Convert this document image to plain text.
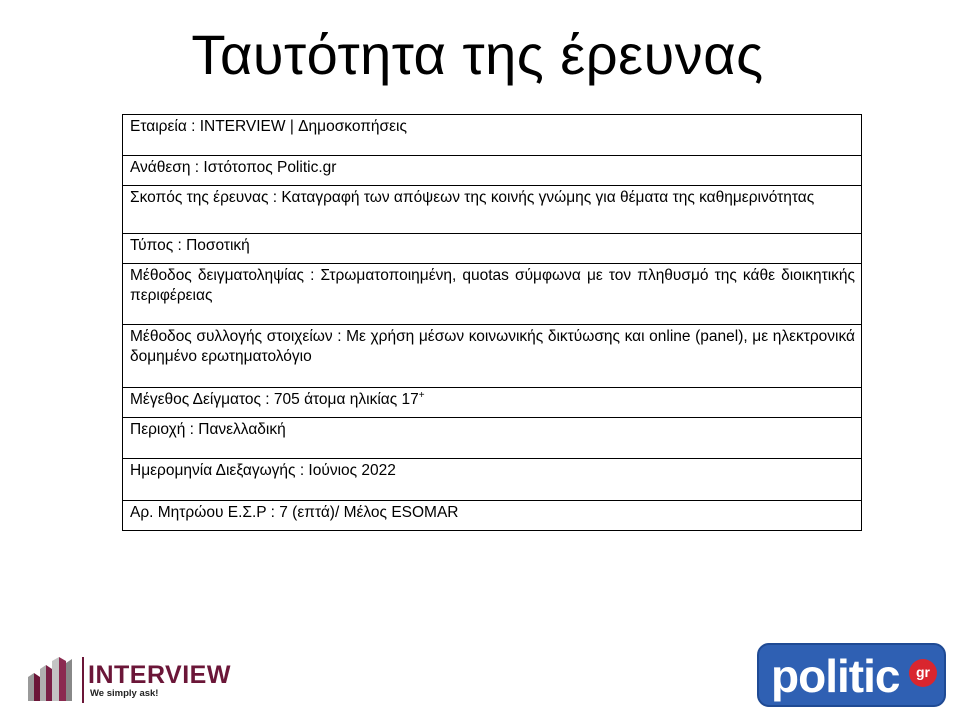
Ταυτότητα της έρευνας
Εταιρεία : INTERVIEW | Δημοσκοπήσεις
Ανάθεση : Ιστότοπος Politic.gr
Σκοπός της έρευνας : Καταγραφή των απόψεων της κοινής γνώμης για θέματα της καθημερινότητας
Τύπος : Ποσοτική
Μέθοδος δειγματοληψίας : Στρωματοποιημένη, quotas σύμφωνα με τον πληθυσμό της κάθε διοικητικής περιφέρειας
Μέθοδος συλλογής στοιχείων : Με χρήση μέσων κοινωνικής δικτύωσης και online (panel), με ηλεκτρονικά δομημένο ερωτηματολόγιο
Μέγεθος Δείγματος : 705 άτομα ηλικίας 17+
Περιοχή : Πανελλαδική
Ημερομηνία Διεξαγωγής : Ιούνιος 2022
Αρ. Μητρώου Ε.Σ.Ρ : 7 (επτά)/ Μέλος ESOMAR
INTERVIEW
We simply ask!	politic	gr
